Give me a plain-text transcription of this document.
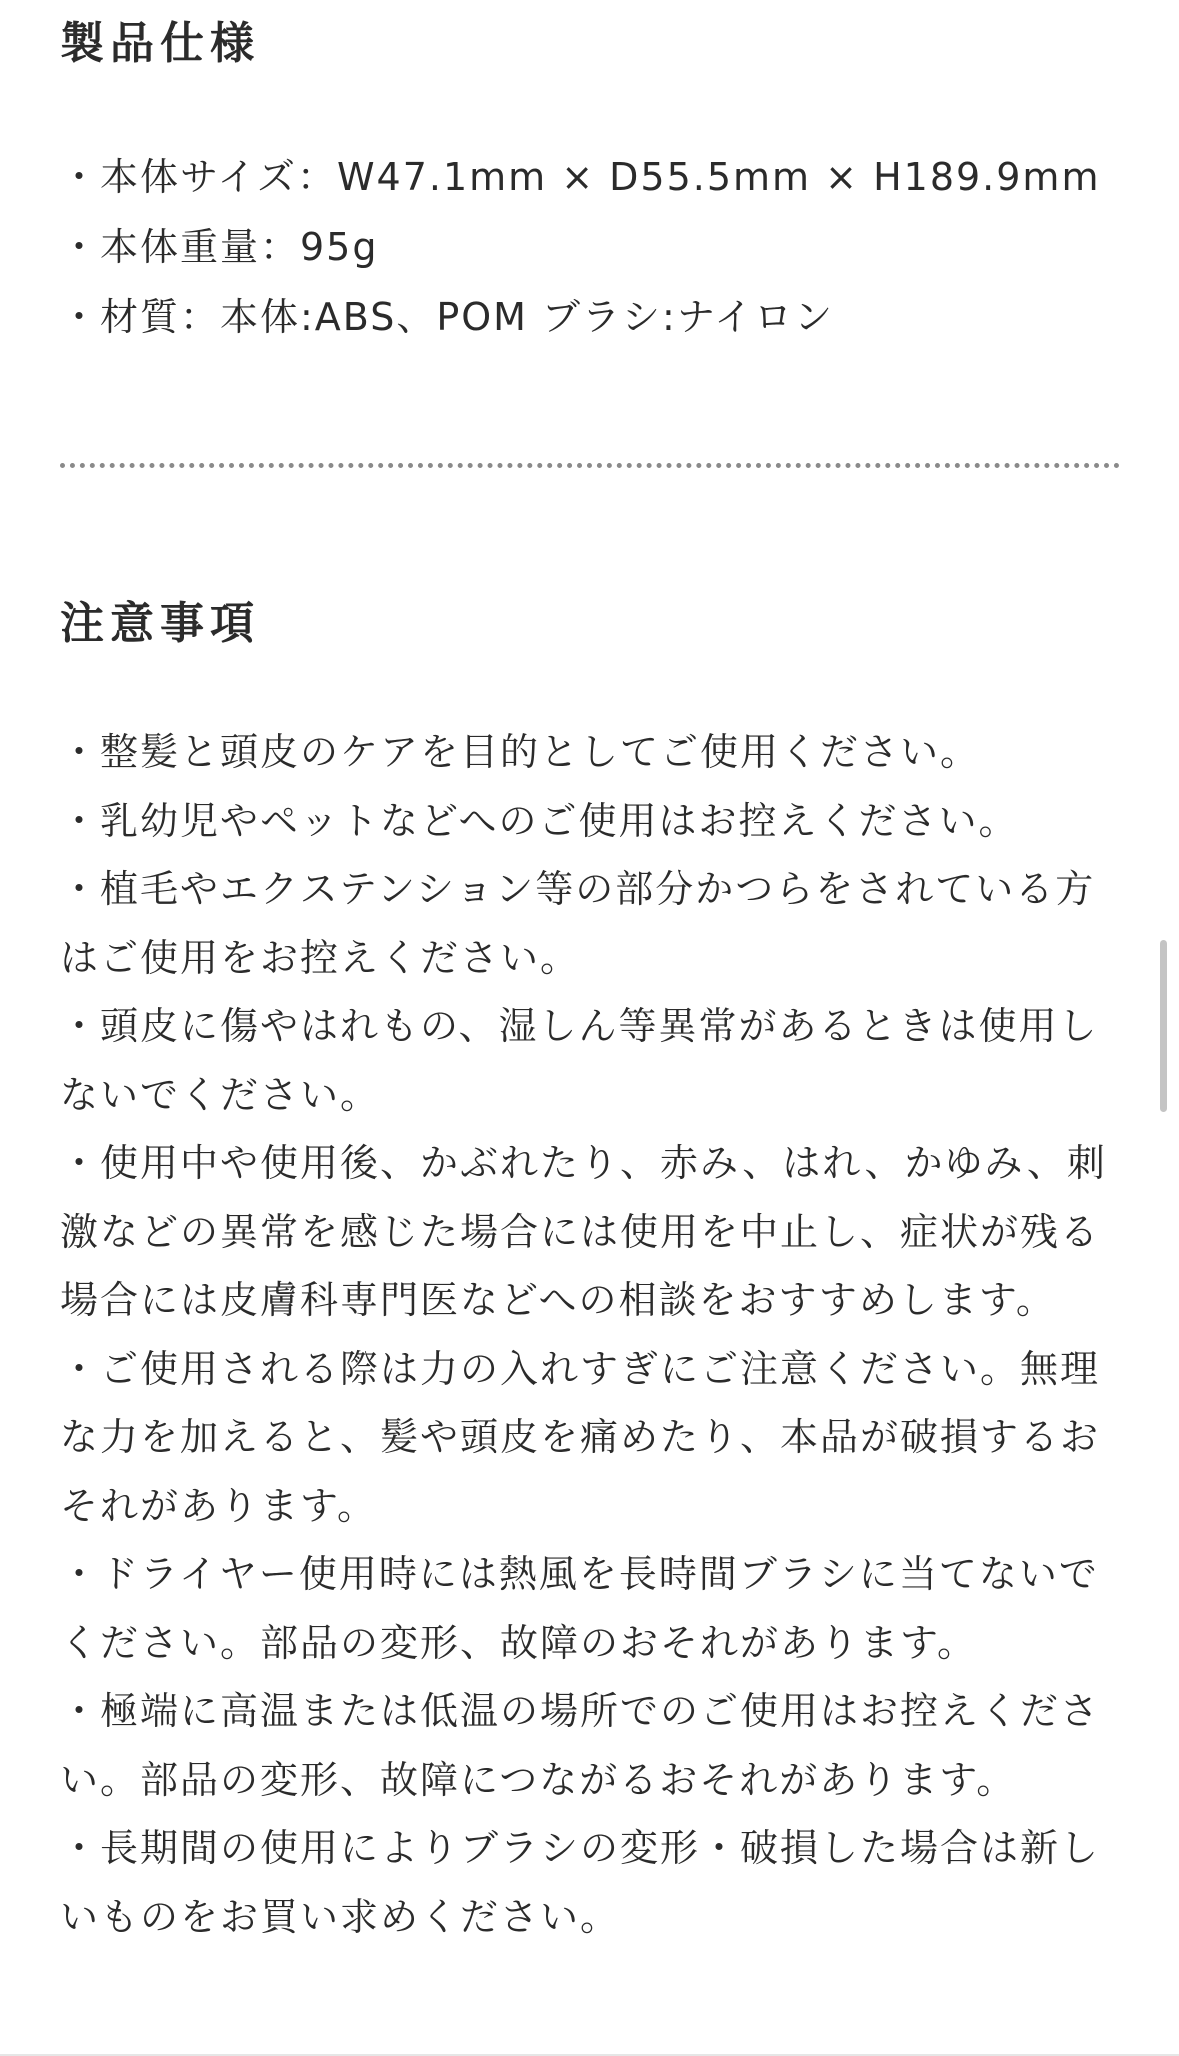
製品仕様
・本体サイズ：W47.1mm × D55.5mm × H189.9mm
・本体重量：95g
・材質：本体:ABS、POM ブラシ:ナイロン
注意事項
・整髪と頭皮のケアを目的としてご使用ください。
・乳幼児やペットなどへのご使用はお控えください。
・植毛やエクステンション等の部分かつらをされている方はご使用をお控えください。
・頭皮に傷やはれもの、湿しん等異常があるときは使用しないでください。
・使用中や使用後、かぶれたり、赤み、はれ、かゆみ、刺激などの異常を感じた場合には使用を中止し、症状が残る場合には皮膚科専門医などへの相談をおすすめします。
・ご使用される際は力の入れすぎにご注意ください。無理な力を加えると、髪や頭皮を痛めたり、本品が破損するおそれがあります。
・ドライヤー使用時には熱風を長時間ブラシに当てないでください。部品の変形、故障のおそれがあります。
・極端に高温または低温の場所でのご使用はお控えください。部品の変形、故障につながるおそれがあります。
・長期間の使用によりブラシの変形・破損した場合は新しいものをお買い求めください。
